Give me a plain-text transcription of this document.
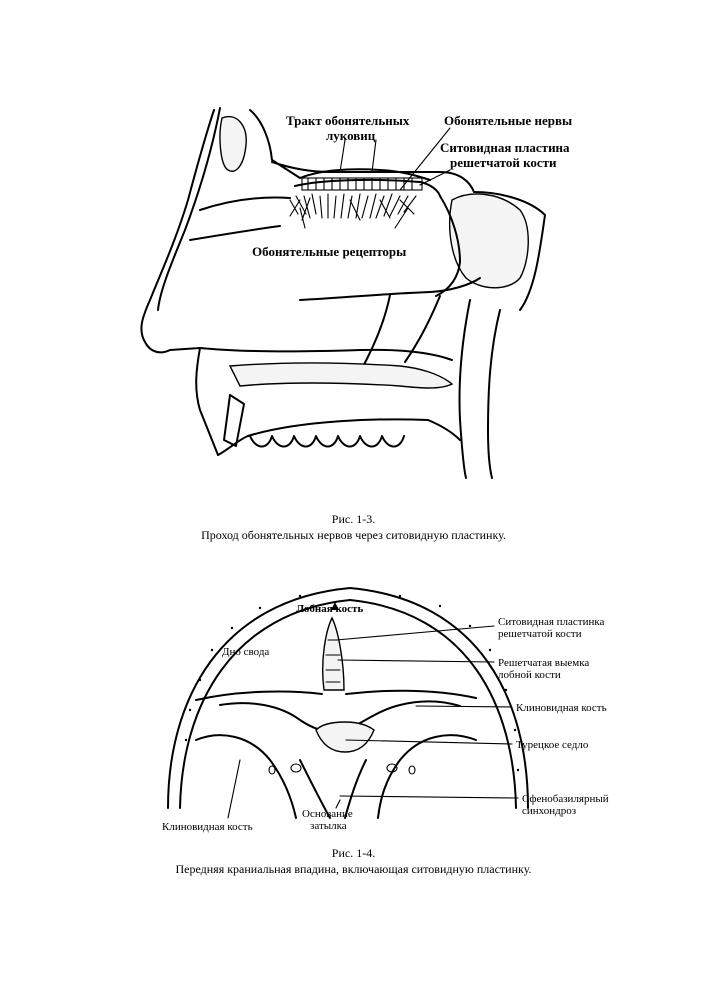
Тракт обонятельных
луковиц
Обонятельные нервы
Ситовидная пластина
решетчатой кости
Обонятельные рецепторы
Рис. 1-3.
Проход обонятельных нервов через ситовидную пластинку.
Лобная кость
Дно свода
Ситовидная пластинка
решетчатой кости
Решетчатая выемка
лобной кости
Клиновидная кость
Турецкое седло
Сфенобазилярный
синхондроз
Основание
затылка
Клиновидная кость
Рис. 1-4.
Передняя краниальная впадина, включающая ситовидную пластинку.
